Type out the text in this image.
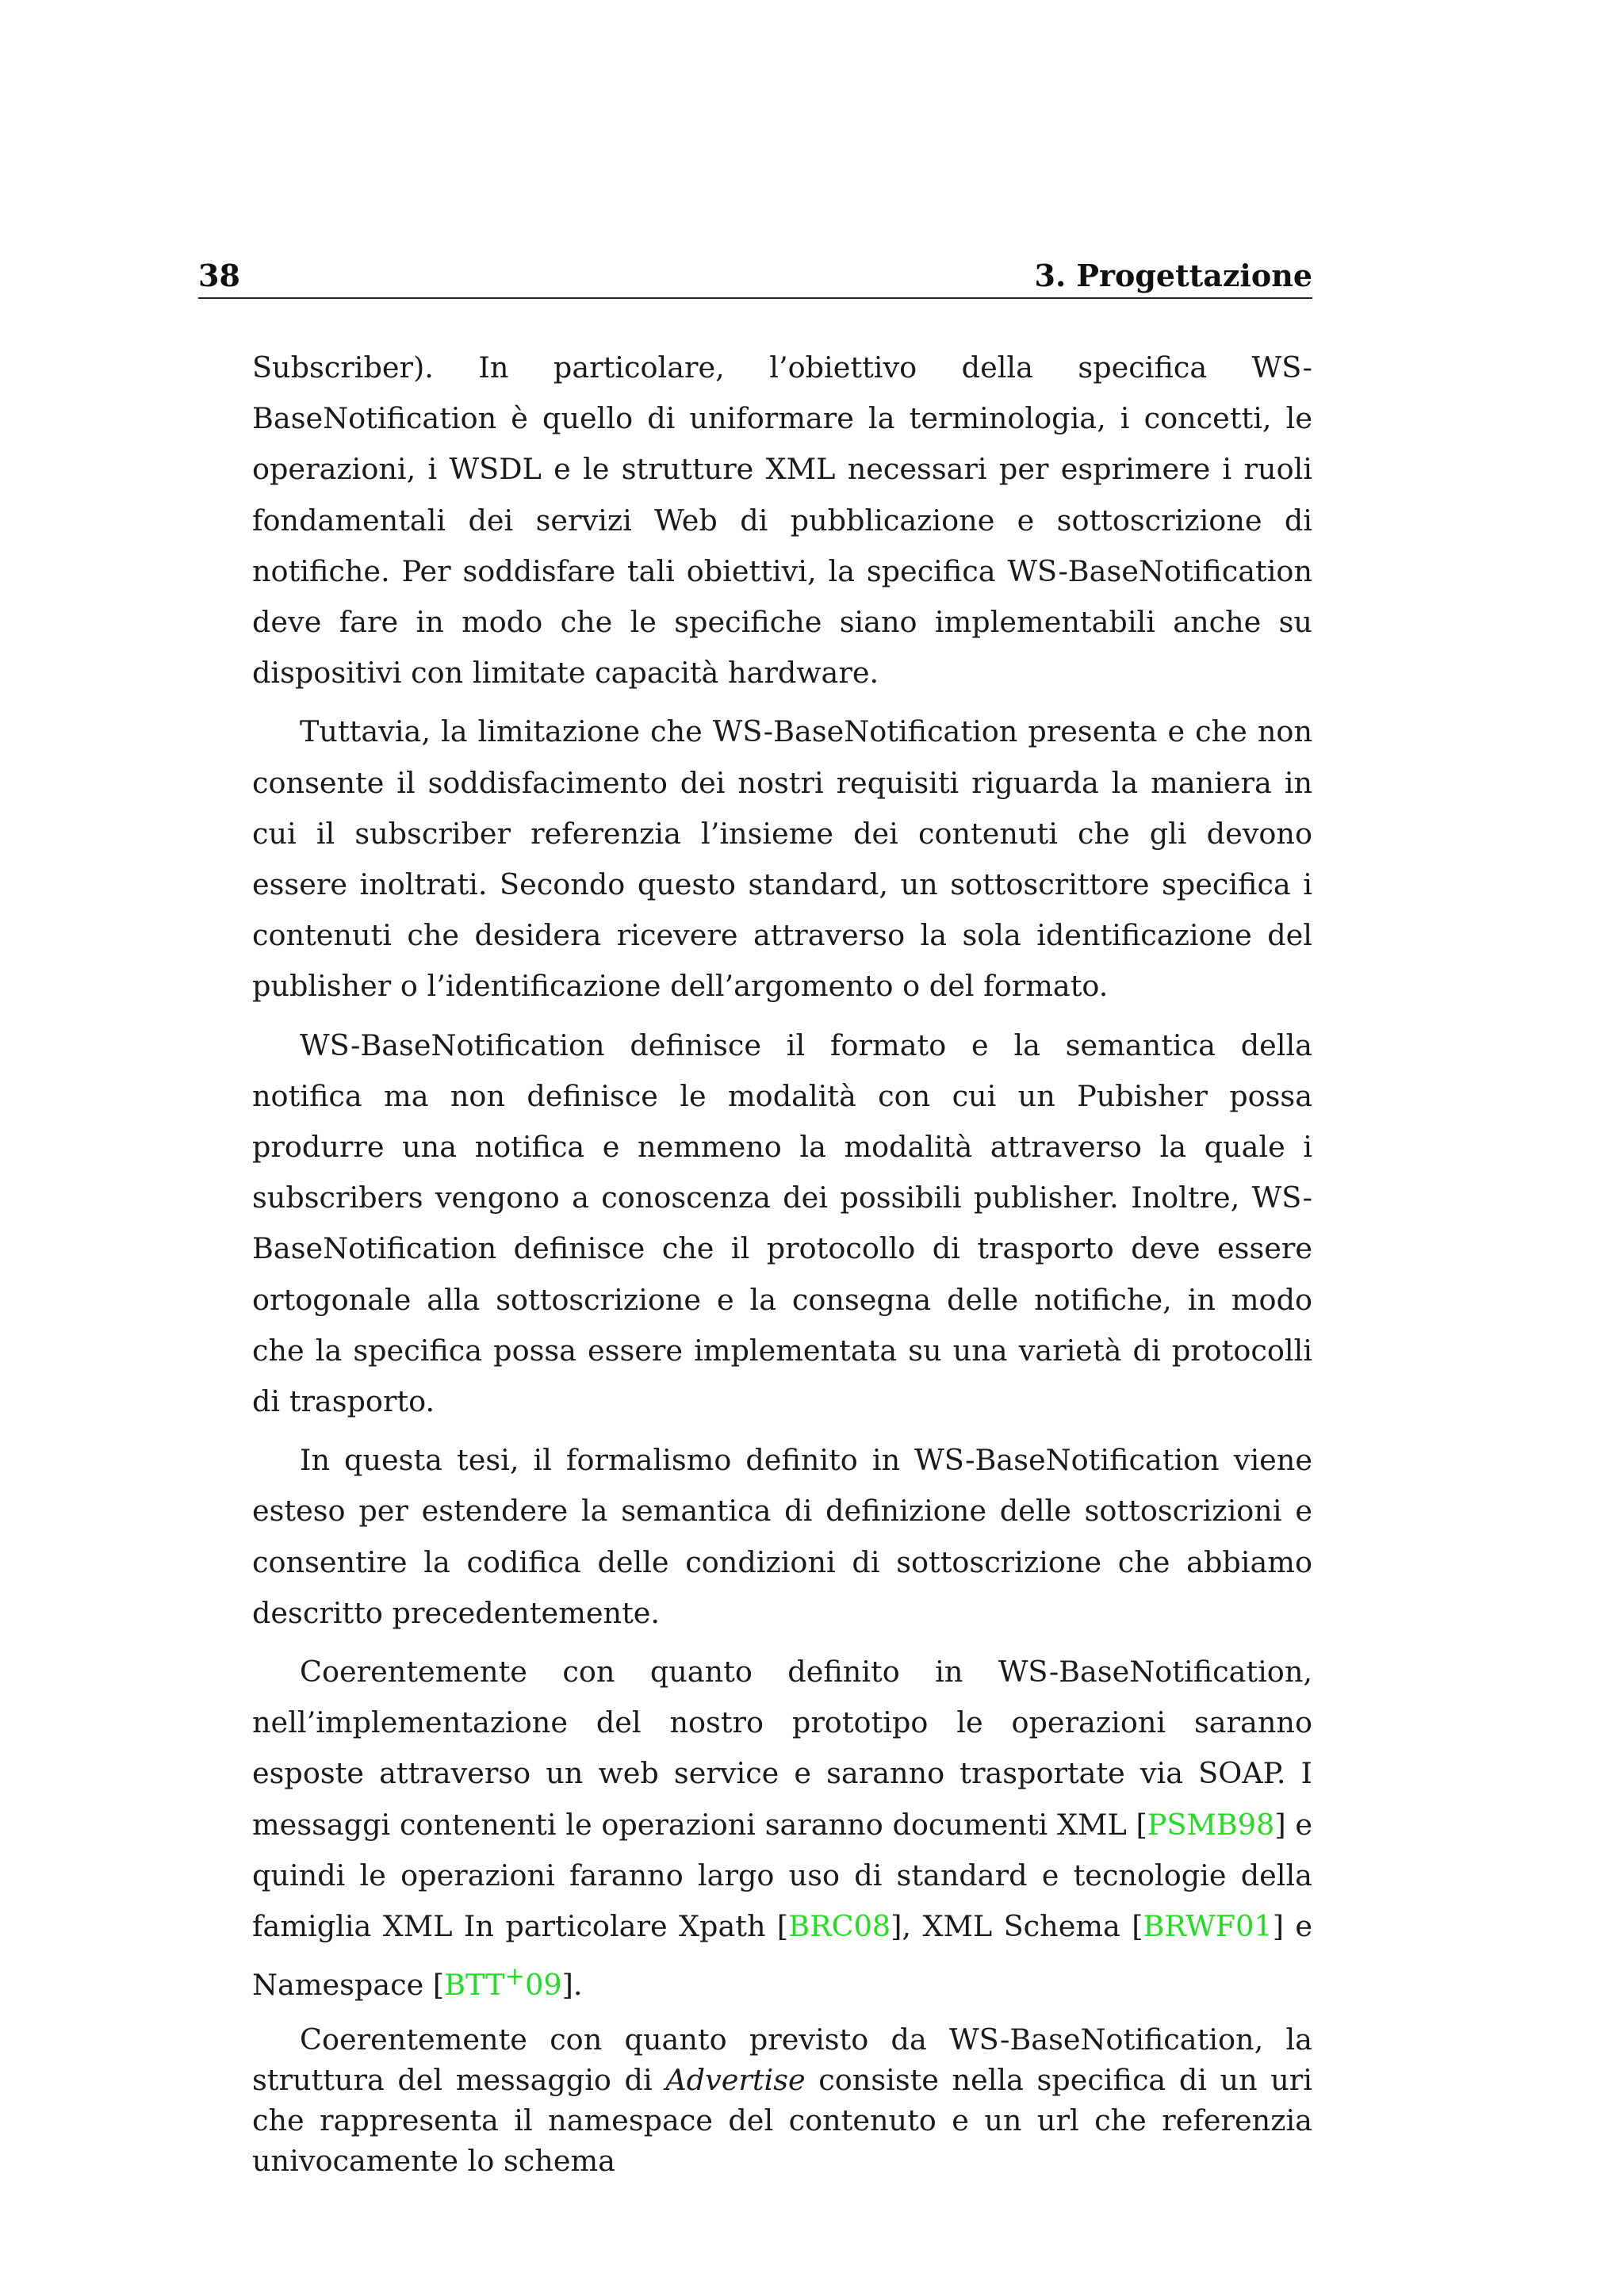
38	3. Progettazione

Subscriber). In particolare, l’obiettivo della specifica WS-BaseNotification è quello di uniformare la terminologia, i concetti, le operazioni, i WSDL e le strutture XML necessari per esprimere i ruoli fondamentali dei servizi Web di pubblicazione e sottoscrizione di notifiche. Per soddisfare tali obiettivi, la specifica WS-BaseNotification deve fare in modo che le specifiche siano implementabili anche su dispositivi con limitate capacità hardware.

Tuttavia, la limitazione che WS-BaseNotification presenta e che non consente il soddisfacimento dei nostri requisiti riguarda la maniera in cui il subscriber referenzia l’insieme dei contenuti che gli devono essere inoltrati. Secondo questo standard, un sottoscrittore specifica i contenuti che desidera ricevere attraverso la sola identificazione del publisher o l’identificazione dell’argomento o del formato.

WS-BaseNotification definisce il formato e la semantica della notifica ma non definisce le modalità con cui un Pubisher possa produrre una notifica e nemmeno la modalità attraverso la quale i subscribers vengono a conoscenza dei possibili publisher. Inoltre, WS-BaseNotification definisce che il protocollo di trasporto deve essere ortogonale alla sottoscrizione e la consegna delle notifiche, in modo che la specifica possa essere implementata su una varietà di protocolli di trasporto.

In questa tesi, il formalismo definito in WS-BaseNotification viene esteso per estendere la semantica di definizione delle sottoscrizioni e consentire la codifica delle condizioni di sottoscrizione che abbiamo descritto precedentemente.

Coerentemente con quanto definito in WS-BaseNotification, nell’implementazione del nostro prototipo le operazioni saranno esposte attraverso un web service e saranno trasportate via SOAP. I messaggi contenenti le operazioni saranno documenti XML [PSMB98] e quindi le operazioni faranno largo uso di standard e tecnologie della famiglia XML In particolare Xpath [BRC08], XML Schema [BRWF01] e Namespace [BTT+09].

Coerentemente con quanto previsto da WS-BaseNotification, la struttura del messaggio di Advertise consiste nella specifica di un uri che rappresenta il namespace del contenuto e un url che referenzia univocamente lo schema
